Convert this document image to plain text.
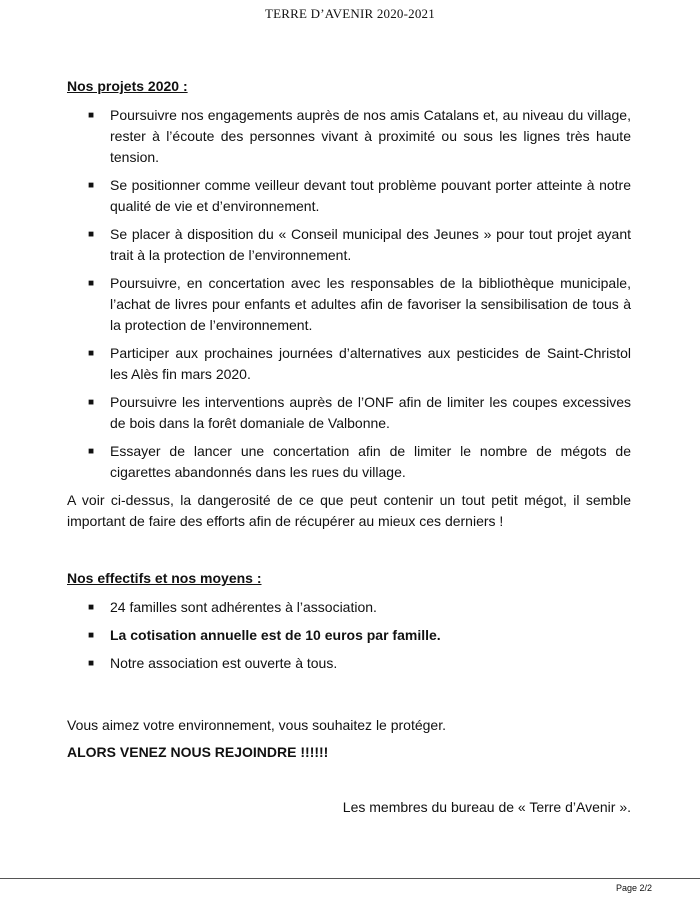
TERRE D’AVENIR 2020-2021

Nos projets 2020 :

■ Poursuivre nos engagements auprès de nos amis Catalans et, au niveau du village, rester à l’écoute des personnes vivant à proximité ou sous les lignes très haute tension.
■ Se positionner comme veilleur devant tout problème pouvant porter atteinte à notre qualité de vie et d’environnement.
■ Se placer à disposition du « Conseil municipal des Jeunes » pour tout projet ayant trait à la protection de l’environnement.
■ Poursuivre, en concertation avec les responsables de la bibliothèque municipale, l’achat de livres pour enfants et adultes afin de favoriser la sensibilisation de tous à la protection de l’environnement.
■ Participer aux prochaines journées d’alternatives aux pesticides de Saint-Christol les Alès fin mars 2020.
■ Poursuivre les interventions auprès de l’ONF afin de limiter les coupes excessives de bois dans la forêt domaniale de Valbonne.
■ Essayer de lancer une concertation afin de limiter le nombre de mégots de cigarettes abandonnés dans les rues du village.

A voir ci-dessus, la dangerosité de ce que peut contenir un tout petit mégot, il semble important de faire des efforts afin de récupérer au mieux ces derniers !

Nos effectifs et nos moyens :

■ 24 familles sont adhérentes à l’association.
■ La cotisation annuelle est de 10 euros par famille.
■ Notre association est ouverte à tous.

Vous aimez votre environnement, vous souhaitez le protéger.

ALORS VENEZ NOUS REJOINDRE !!!!!!

Les membres du bureau de « Terre d’Avenir ».

Page 2/2
